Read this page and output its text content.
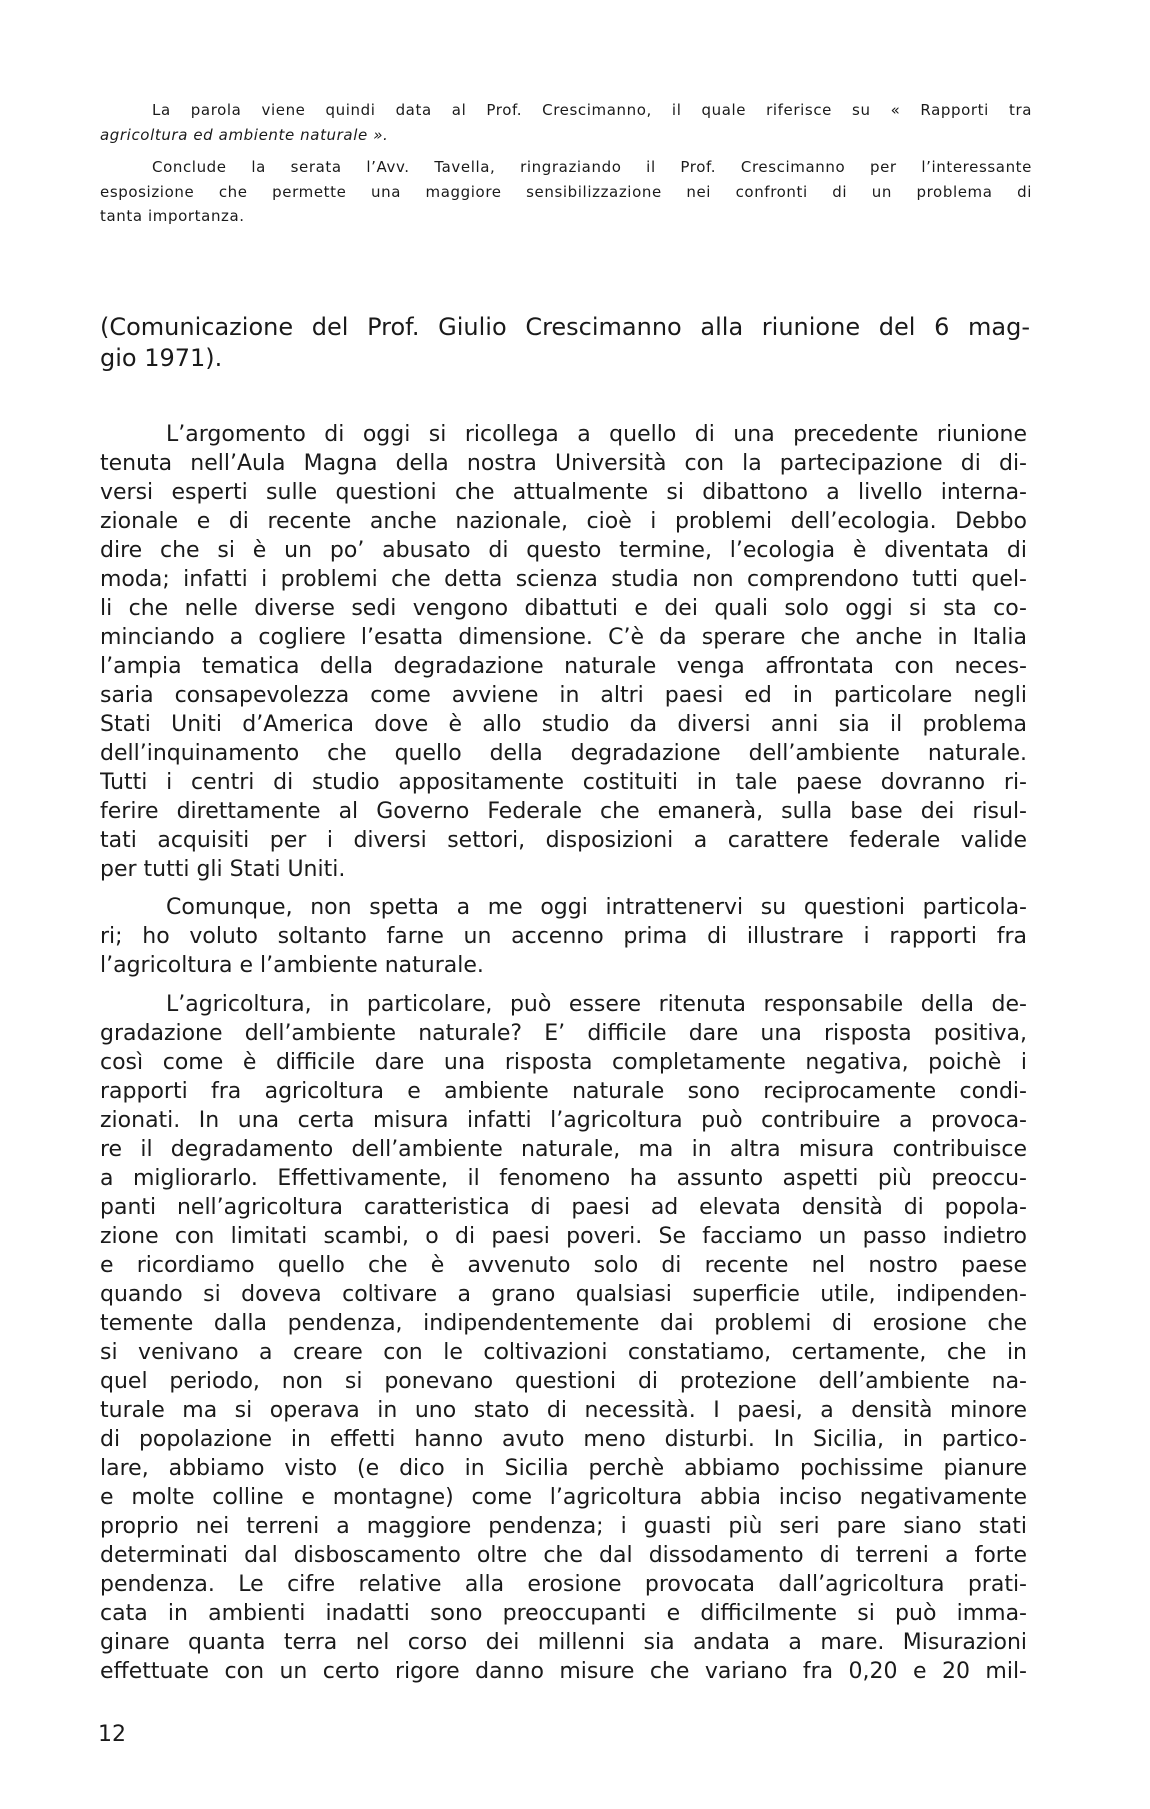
La parola viene quindi data al Prof. Crescimanno, il quale riferisce su « Rapporti tra
agricoltura ed ambiente naturale ».
Conclude la serata l’Avv. Tavella, ringraziando il Prof. Crescimanno per l’interessante
esposizione che permette una maggiore sensibilizzazione nei confronti di un problema di
tanta importanza.
(Comunicazione del Prof. Giulio Crescimanno alla riunione del 6 mag-
gio 1971).
L’argomento di oggi si ricollega a quello di una precedente riunione
tenuta nell’Aula Magna della nostra Università con la partecipazione di di-
versi esperti sulle questioni che attualmente si dibattono a livello interna-
zionale e di recente anche nazionale, cioè i problemi dell’ecologia. Debbo
dire che si è un po’ abusato di questo termine, l’ecologia è diventata di
moda; infatti i problemi che detta scienza studia non comprendono tutti quel-
li che nelle diverse sedi vengono dibattuti e dei quali solo oggi si sta co-
minciando a cogliere l’esatta dimensione. C’è da sperare che anche in Italia
l’ampia tematica della degradazione naturale venga affrontata con neces-
saria consapevolezza come avviene in altri paesi ed in particolare negli
Stati Uniti d’America dove è allo studio da diversi anni sia il problema
dell’inquinamento che quello della degradazione dell’ambiente naturale.
Tutti i centri di studio appositamente costituiti in tale paese dovranno ri-
ferire direttamente al Governo Federale che emanerà, sulla base dei risul-
tati acquisiti per i diversi settori, disposizioni a carattere federale valide
per tutti gli Stati Uniti.
Comunque, non spetta a me oggi intrattenervi su questioni particola-
ri; ho voluto soltanto farne un accenno prima di illustrare i rapporti fra
l’agricoltura e l’ambiente naturale.
L’agricoltura, in particolare, può essere ritenuta responsabile della de-
gradazione dell’ambiente naturale? E’ difficile dare una risposta positiva,
così come è difficile dare una risposta completamente negativa, poichè i
rapporti fra agricoltura e ambiente naturale sono reciprocamente condi-
zionati. In una certa misura infatti l’agricoltura può contribuire a provoca-
re il degradamento dell’ambiente naturale, ma in altra misura contribuisce
a migliorarlo. Effettivamente, il fenomeno ha assunto aspetti più preoccu-
panti nell’agricoltura caratteristica di paesi ad elevata densità di popola-
zione con limitati scambi, o di paesi poveri. Se facciamo un passo indietro
e ricordiamo quello che è avvenuto solo di recente nel nostro paese
quando si doveva coltivare a grano qualsiasi superficie utile, indipenden-
temente dalla pendenza, indipendentemente dai problemi di erosione che
si venivano a creare con le coltivazioni constatiamo, certamente, che in
quel periodo, non si ponevano questioni di protezione dell’ambiente na-
turale ma si operava in uno stato di necessità. I paesi, a densità minore
di popolazione in effetti hanno avuto meno disturbi. In Sicilia, in partico-
lare, abbiamo visto (e dico in Sicilia perchè abbiamo pochissime pianure
e molte colline e montagne) come l’agricoltura abbia inciso negativamente
proprio nei terreni a maggiore pendenza; i guasti più seri pare siano stati
determinati dal disboscamento oltre che dal dissodamento di terreni a forte
pendenza. Le cifre relative alla erosione provocata dall’agricoltura prati-
cata in ambienti inadatti sono preoccupanti e difficilmente si può imma-
ginare quanta terra nel corso dei millenni sia andata a mare. Misurazioni
effettuate con un certo rigore danno misure che variano fra 0,20 e 20 mil-
12
